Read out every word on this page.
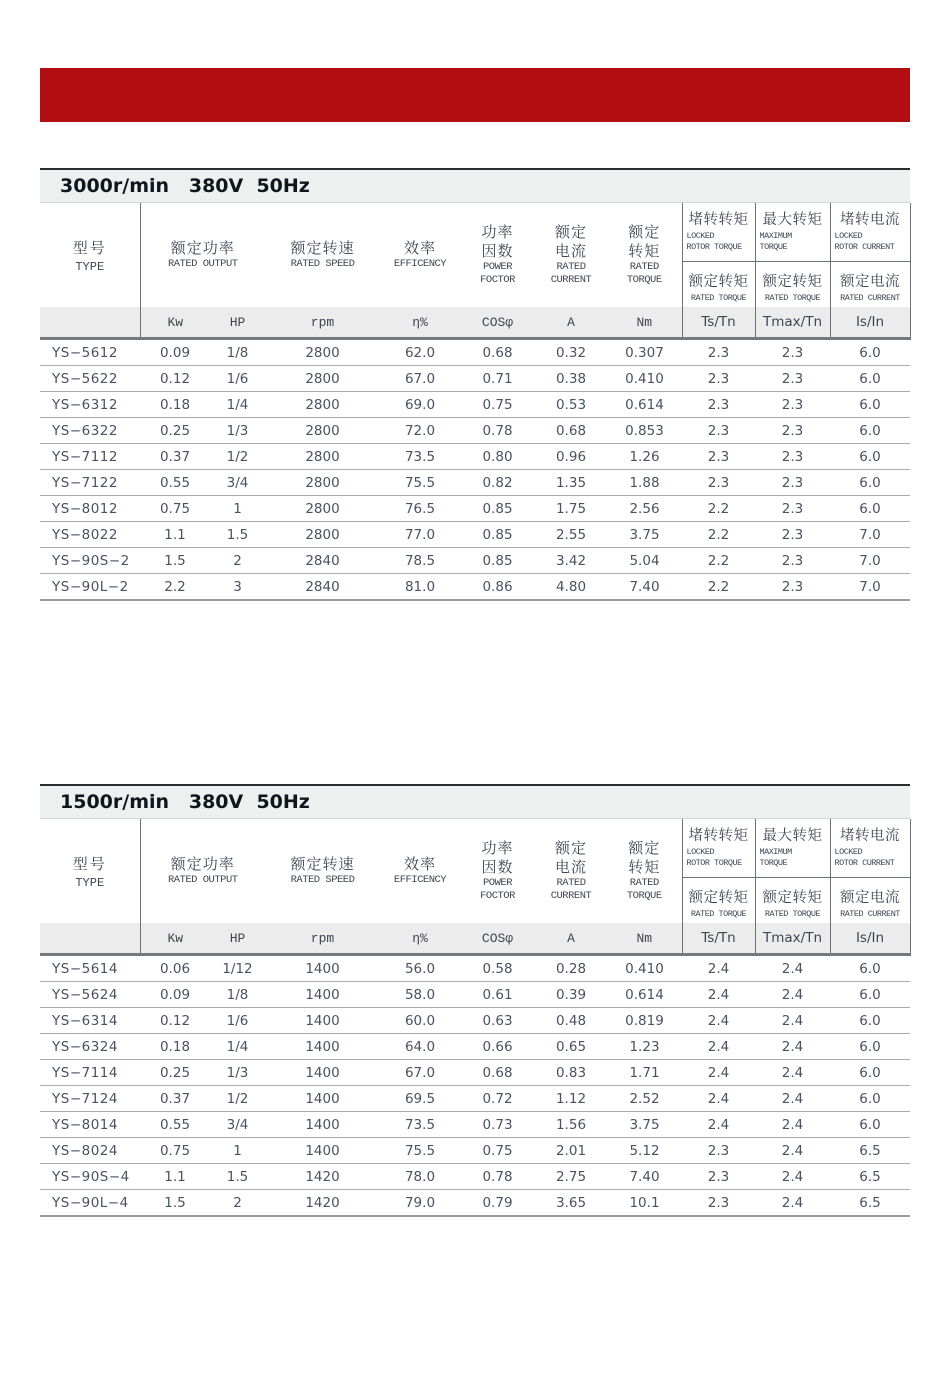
YS (MS) 系列技术参数 / YS (MS) series motor technology parameters

3000r/min   380V  50Hz
型号
TYPE	额定功率
RATED OUTPUT		额定转速
RATED SPEED	效率
EFFICENCY	功率
因数
POWER
FOCTOR	额定
电流
RATED
CURRENT	额定
转矩
RATED
TORQUE	堵转转矩
LOCKED
ROTOR TORQUE	最大转矩
MAXIMUM
TORQUE	堵转电流
LOCKED
ROTOR CURRENT

								额定转矩
RATED TORQUE	额定转矩
RATED TORQUE	额定电流
RATED CURRENT

	Kw	HP	rpm	η%	COSφ	A	Nm	Ts/Tn	Tmax/Tn	Is/In
YS−5612	0.09	1/8	2800	62.0	0.68	0.32	0.307	2.3	2.3	6.0
YS−5622	0.12	1/6	2800	67.0	0.71	0.38	0.410	2.3	2.3	6.0
YS−6312	0.18	1/4	2800	69.0	0.75	0.53	0.614	2.3	2.3	6.0
YS−6322	0.25	1/3	2800	72.0	0.78	0.68	0.853	2.3	2.3	6.0
YS−7112	0.37	1/2	2800	73.5	0.80	0.96	1.26	2.3	2.3	6.0
YS−7122	0.55	3/4	2800	75.5	0.82	1.35	1.88	2.3	2.3	6.0
YS−8012	0.75	1	2800	76.5	0.85	1.75	2.56	2.2	2.3	6.0
YS−8022	1.1	1.5	2800	77.0	0.85	2.55	3.75	2.2	2.3	7.0
YS−90S−2	1.5	2	2840	78.5	0.85	3.42	5.04	2.2	2.3	7.0
YS−90L−2	2.2	3	2840	81.0	0.86	4.80	7.40	2.2	2.3	7.0
1500r/min   380V  50Hz
型号
TYPE	额定功率
RATED OUTPUT		额定转速
RATED SPEED	效率
EFFICENCY	功率
因数
POWER
FOCTOR	额定
电流
RATED
CURRENT	额定
转矩
RATED
TORQUE	堵转转矩
LOCKED
ROTOR TORQUE	最大转矩
MAXIMUM
TORQUE	堵转电流
LOCKED
ROTOR CURRENT

								额定转矩
RATED TORQUE	额定转矩
RATED TORQUE	额定电流
RATED CURRENT

	Kw	HP	rpm	η%	COSφ	A	Nm	Ts/Tn	Tmax/Tn	Is/In
YS−5614	0.06	1/12	1400	56.0	0.58	0.28	0.410	2.4	2.4	6.0
YS−5624	0.09	1/8	1400	58.0	0.61	0.39	0.614	2.4	2.4	6.0
YS−6314	0.12	1/6	1400	60.0	0.63	0.48	0.819	2.4	2.4	6.0
YS−6324	0.18	1/4	1400	64.0	0.66	0.65	1.23	2.4	2.4	6.0
YS−7114	0.25	1/3	1400	67.0	0.68	0.83	1.71	2.4	2.4	6.0
YS−7124	0.37	1/2	1400	69.5	0.72	1.12	2.52	2.4	2.4	6.0
YS−8014	0.55	3/4	1400	73.5	0.73	1.56	3.75	2.4	2.4	6.0
YS−8024	0.75	1	1400	75.5	0.75	2.01	5.12	2.3	2.4	6.5
YS−90S−4	1.1	1.5	1420	78.0	0.78	2.75	7.40	2.3	2.4	6.5
YS−90L−4	1.5	2	1420	79.0	0.79	3.65	10.1	2.3	2.4	6.5
